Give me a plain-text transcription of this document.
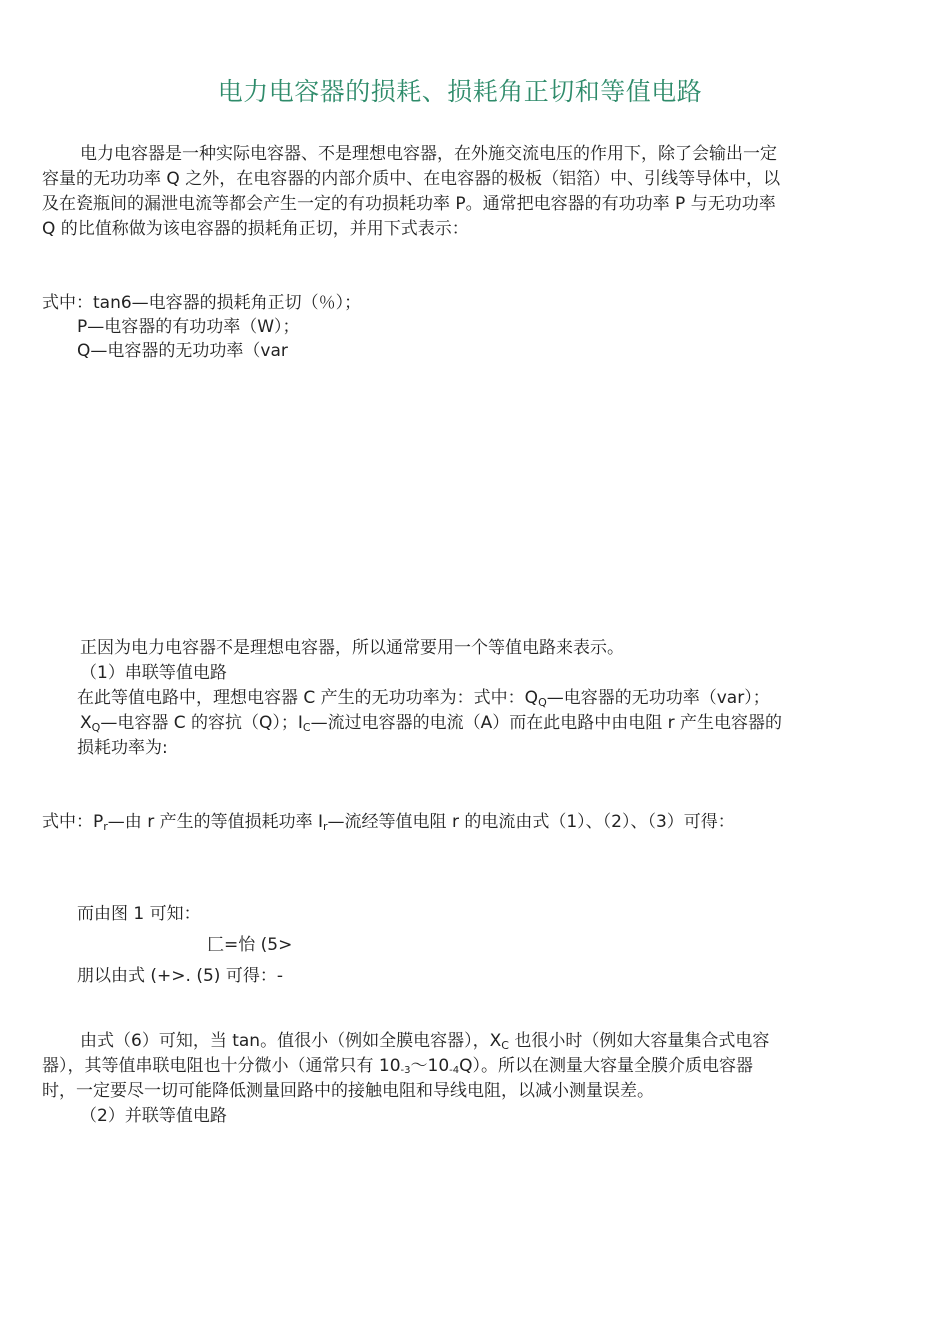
电力电容器的损耗、损耗角正切和等值电路
电力电容器是一种实际电容器、不是理想电容器，在外施交流电压的作用下，除了会输出一定
容量的无功功率 Q 之外，在电容器的内部介质中、在电容器的极板（铝箔）中、引线等导体中，以
及在瓷瓶间的漏泄电流等都会产生一定的有功损耗功率 P。通常把电容器的有功功率 P 与无功功率
Q 的比值称做为该电容器的损耗角正切，并用下式表示：
式中：tan6—电容器的损耗角正切（％）；
P—电容器的有功功率（W）；
Q—电容器的无功功率（var
正因为电力电容器不是理想电容器，所以通常要用一个等值电路来表示。
（1）串联等值电路
在此等值电路中，理想电容器 C 产生的无功功率为：式中：$Q_Q—$电容器的无功功率（var）；
$X_Q—$电容器 C 的容抗（Q）；$I_C—$流过电容器的电流（A）而在此电路中由电阻 r 产生电容器的
损耗功率为:
式中：$P_r—$由 r 产生的等值损耗功率 $I_r—$流经等值电阻 r 的电流由式（1）、（2）、（3）可得：
而由图 1 可知：
匚=怡 (5>
朋以由式 (+>. (5) 可得：-
由式（6）可知，当 tan。值很小（例如全膜电容器），$X_C$ 也很小时（例如大容量集合式电容
器），其等值串联电阻也十分微小（通常只有 10-3～10-4Q）。所以在测量大容量全膜介质电容器
时，一定要尽一切可能降低测量回路中的接触电阻和导线电阻，以减小测量误差。
（2）并联等值电路
